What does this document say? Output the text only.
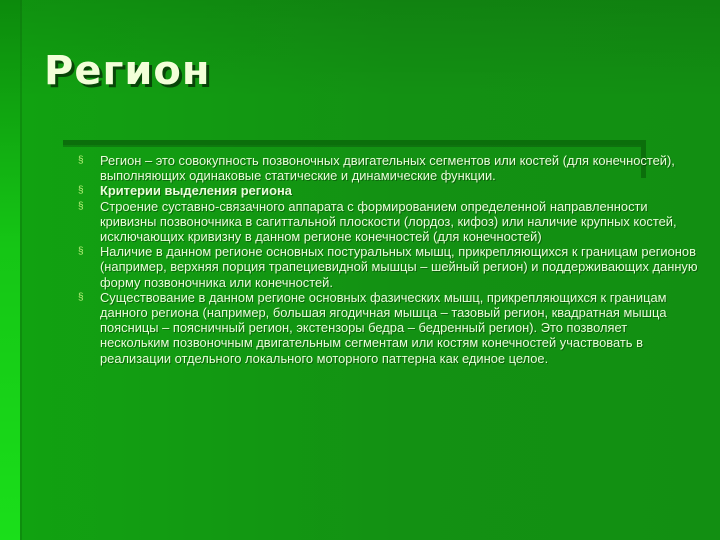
Регион
§	Регион – это совокупность позвоночных двигательных сегментов или костей (для конечностей), выполняющих одинаковые статические и динамические функции.
§	Критерии выделения региона
§	Строение суставно-связачного аппарата с формированием определенной направленности кривизны позвоночника в сагиттальной плоскости (лордоз, кифоз) или наличие крупных костей, исключающих кривизну в данном регионе конечностей (для конечностей)
§	Наличие в данном регионе основных постуральных мышц, прикрепляющихся к границам регионов (например, верхняя порция трапециевидной мышцы – шейный регион) и поддерживающих данную форму позвоночника или конечностей.
§	Существование в данном регионе основных фазических мышц, прикрепляющихся к границам данного региона (например, большая ягодичная мышца – тазовый регион, квадратная мышца поясницы – поясничный регион, экстензоры бедра – бедренный регион). Это позволяет нескольким позвоночным двигательным сегментам или костям конечностей участвовать в реализации отдельного локального моторного паттерна как единое целое.
